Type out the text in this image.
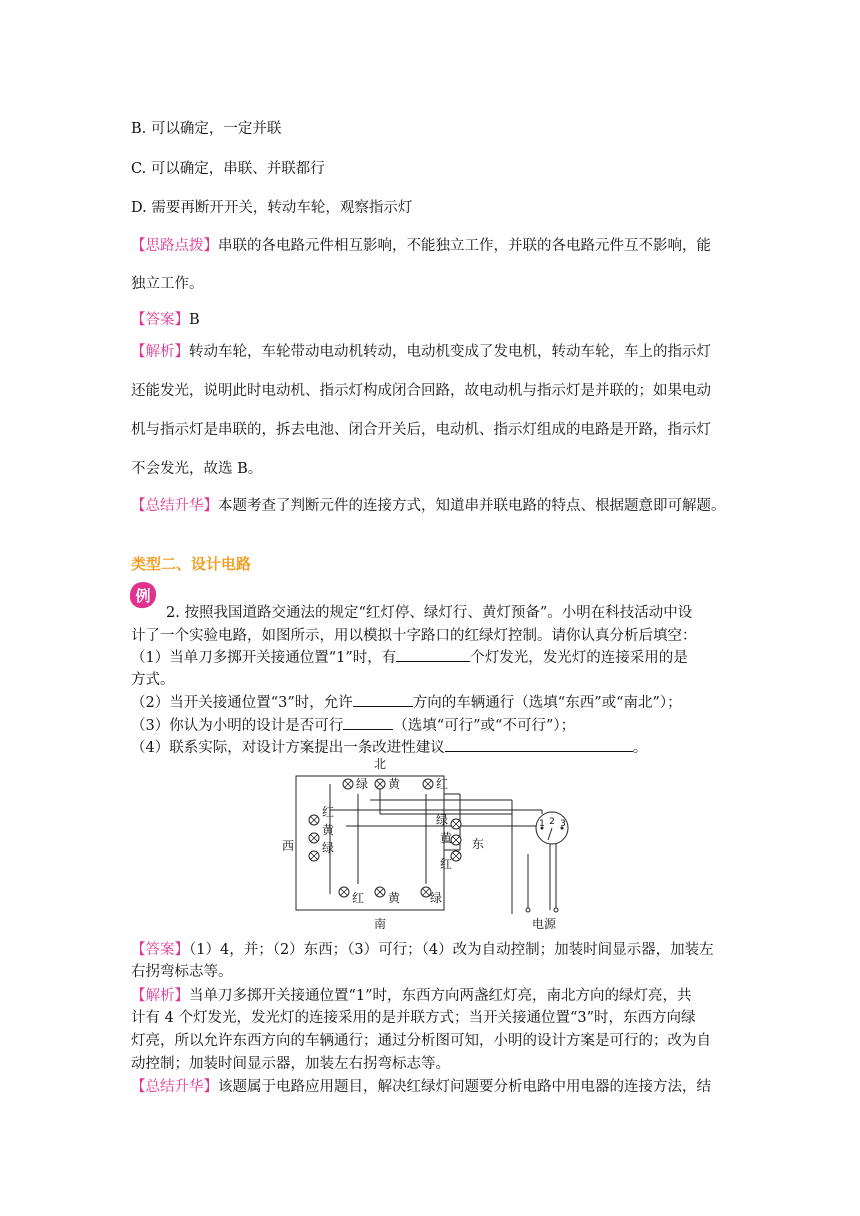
B. 可以确定，一定并联
C. 可以确定，串联、并联都行
D. 需要再断开开关，转动车轮，观察指示灯
【思路点拨】串联的各电路元件相互影响，不能独立工作，并联的各电路元件互不影响，能
独立工作。
【答案】B
【解析】转动车轮，车轮带动电动机转动，电动机变成了发电机，转动车轮，车上的指示灯
还能发光，说明此时电动机、指示灯构成闭合回路，故电动机与指示灯是并联的；如果电动
机与指示灯是串联的，拆去电池、闭合开关后，电动机、指示灯组成的电路是开路，指示灯
不会发光，故选 B。
【总结升华】本题考查了判断元件的连接方式，知道串并联电路的特点、根据题意即可解题。
类型二、设计电路
例
2. 按照我国道路交通法的规定“红灯停、绿灯行、黄灯预备”。小明在科技活动中设
计了一个实验电路，如图所示，用以模拟十字路口的红绿灯控制。请你认真分析后填空：
（1）当单刀多掷开关接通位置“1”时，有	个灯发光，发光灯的连接采用的是
方式。
（2）当开关接通位置“3”时，允许	方向的车辆通行（选填“东西”或“南北”）；
（3）你认为小明的设计是否可行	（选填“可行”或“不可行”）；
（4）联系实际，对设计方案提出一条改进性建议	。
1 2 3
北
南
西	东
电源
绿 黄	红
红
黄
绿
绿
黄
红
红 黄 绿
【答案】（1）4，并；（2）东西；（3）可行；（4）改为自动控制；加装时间显示器，加装左
右拐弯标志等。
【解析】当单刀多掷开关接通位置“1”时，东西方向两盏红灯亮，南北方向的绿灯亮，共
计有 4 个灯发光，发光灯的连接采用的是并联方式；当开关接通位置“3”时，东西方向绿
灯亮，所以允许东西方向的车辆通行；通过分析图可知，小明的设计方案是可行的；改为自
动控制；加装时间显示器，加装左右拐弯标志等。
【总结升华】该题属于电路应用题目，解决红绿灯问题要分析电路中用电器的连接方法，结
